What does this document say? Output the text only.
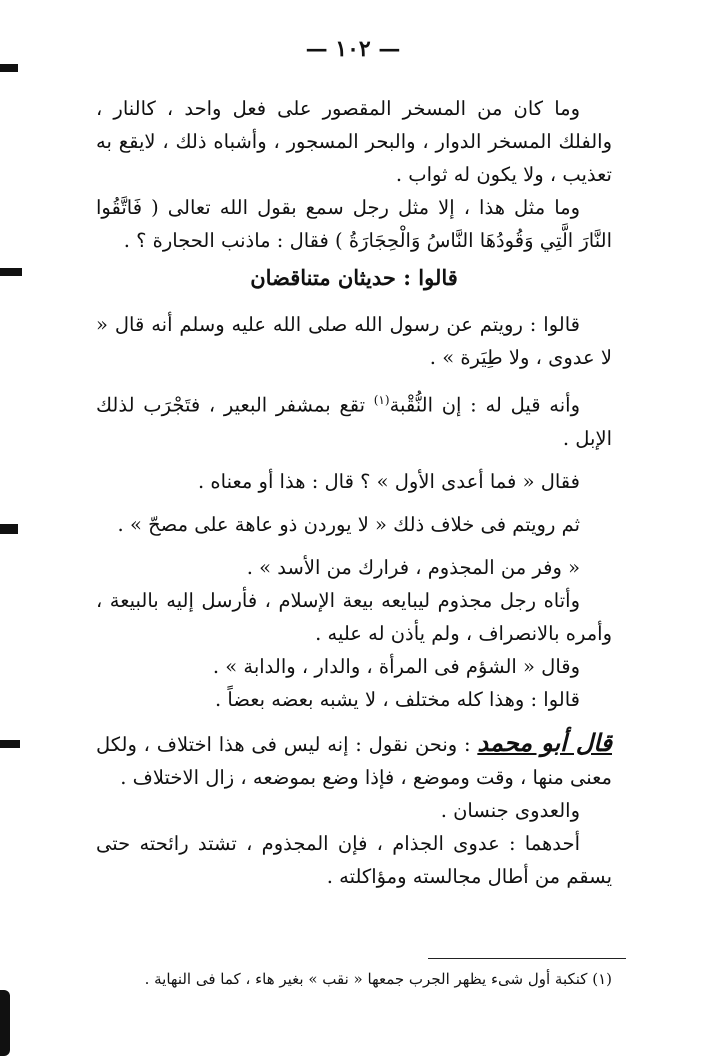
— ١٠٢ —

وما كان من المسخر المقصور على فعل واحد ، كالنار ، والفلك المسخر الدوار ، والبحر المسجور ، وأشباه ذلك ، لايقع به تعذيب ، ولا يكون له ثواب .

وما مثل هذا ، إلا مثل رجل سمع بقول الله تعالى ( فَاتَّقُوا النَّارَ الَّتِي وَقُودُهَا النَّاسُ وَالْحِجَارَةُ ) فقال : ماذنب الحجارة ؟ .

قالوا : حديثان متناقضان

قالوا : رويتم عن رسول الله صلى الله عليه وسلم أنه قال « لا عدوى ، ولا طِيَرة » .

وأنه قيل له : إن النُّقْبة$^{(١)}$ تقع بمشفر البعير ، فتَجْرَب لذلك الإبل .

فقال « فما أعدى الأول » ؟ قال : هذا أو معناه .

ثم رويتم فى خلاف ذلك « لا يوردن ذو عاهة على مصحّ » .

« وفر من المجذوم ، فرارك من الأسد » .

وأتاه رجل مجذوم ليبايعه بيعة الإسلام ، فأرسل إليه بالبيعة ، وأمره بالانصراف ، ولم يأذن له عليه .

وقال « الشؤم فى المرأة ، والدار ، والدابة » .

قالوا : وهذا كله مختلف ، لا يشبه بعضه بعضاً .

قال أبو محمد : ونحن نقول : إنه ليس فى هذا اختلاف ، ولكل معنى منها ، وقت وموضع ، فإذا وضع بموضعه ، زال الاختلاف .

والعدوى جنسان .

أحدهما : عدوى الجذام ، فإن المجذوم ، تشتد رائحته حتى يسقم من أطال مجالسته ومؤاكلته .

(١) كنكبة أول شىء يظهر الجرب جمعها « نقب » بغير هاء ، كما فى النهاية .
